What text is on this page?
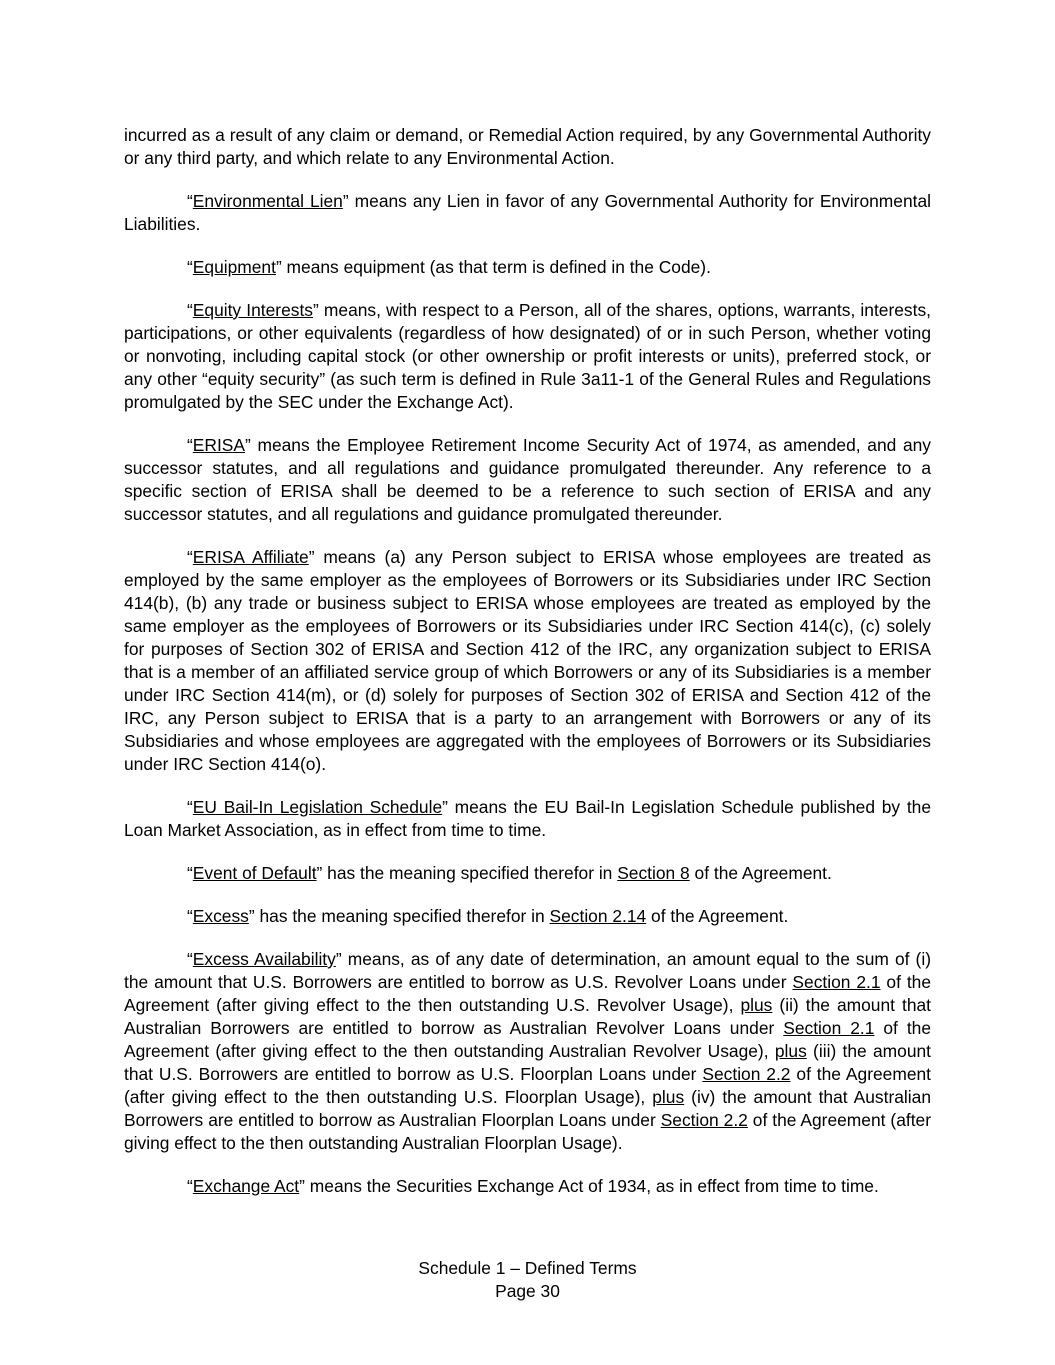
incurred as a result of any claim or demand, or Remedial Action required, by any Governmental Authority or any third party, and which relate to any Environmental Action.

“Environmental Lien” means any Lien in favor of any Governmental Authority for Environmental Liabilities.

“Equipment” means equipment (as that term is defined in the Code).

“Equity Interests” means, with respect to a Person, all of the shares, options, warrants, interests, participations, or other equivalents (regardless of how designated) of or in such Person, whether voting or nonvoting, including capital stock (or other ownership or profit interests or units), preferred stock, or any other “equity security” (as such term is defined in Rule 3a11-1 of the General Rules and Regulations promulgated by the SEC under the Exchange Act).

“ERISA” means the Employee Retirement Income Security Act of 1974, as amended, and any successor statutes, and all regulations and guidance promulgated thereunder. Any reference to a specific section of ERISA shall be deemed to be a reference to such section of ERISA and any successor statutes, and all regulations and guidance promulgated thereunder.

“ERISA Affiliate” means (a) any Person subject to ERISA whose employees are treated as employed by the same employer as the employees of Borrowers or its Subsidiaries under IRC Section 414(b), (b) any trade or business subject to ERISA whose employees are treated as employed by the same employer as the employees of Borrowers or its Subsidiaries under IRC Section 414(c), (c) solely for purposes of Section 302 of ERISA and Section 412 of the IRC, any organization subject to ERISA that is a member of an affiliated service group of which Borrowers or any of its Subsidiaries is a member under IRC Section 414(m), or (d) solely for purposes of Section 302 of ERISA and Section 412 of the IRC, any Person subject to ERISA that is a party to an arrangement with Borrowers or any of its Subsidiaries and whose employees are aggregated with the employees of Borrowers or its Subsidiaries under IRC Section 414(o).

“EU Bail-In Legislation Schedule” means the EU Bail-In Legislation Schedule published by the Loan Market Association, as in effect from time to time.

“Event of Default” has the meaning specified therefor in Section 8 of the Agreement.

“Excess” has the meaning specified therefor in Section 2.14 of the Agreement.

“Excess Availability” means, as of any date of determination, an amount equal to the sum of (i) the amount that U.S. Borrowers are entitled to borrow as U.S. Revolver Loans under Section 2.1 of the Agreement (after giving effect to the then outstanding U.S. Revolver Usage), plus (ii) the amount that Australian Borrowers are entitled to borrow as Australian Revolver Loans under Section 2.1 of the Agreement (after giving effect to the then outstanding Australian Revolver Usage), plus (iii) the amount that U.S. Borrowers are entitled to borrow as U.S. Floorplan Loans under Section 2.2 of the Agreement (after giving effect to the then outstanding U.S. Floorplan Usage), plus (iv) the amount that Australian Borrowers are entitled to borrow as Australian Floorplan Loans under Section 2.2 of the Agreement (after giving effect to the then outstanding Australian Floorplan Usage).

“Exchange Act” means the Securities Exchange Act of 1934, as in effect from time to time.

Schedule 1 – Defined Terms
Page 30
